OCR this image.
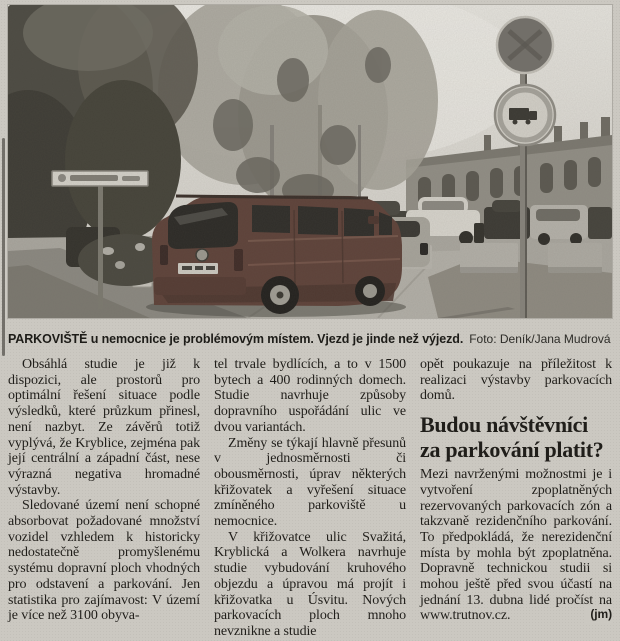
PARKOVIŠTĚ u nemocnice je problémovým místem. Vjezd je jinde než výjezd. Foto: Deník/Jana Mudrová

Obsáhlá studie je již k dispozici, ale prostorů pro optimální řešení situace podle výsledků, které průzkum přinesl, není nazbyt. Ze závěrů totiž vyplývá, že Kryblice, zejména pak její centrální a západní část, nese výrazná negativa hromadné výstavby.

Sledované území není schopné absorbovat požadované množství vozidel vzhledem k historicky nedostatečně promyšlenému systému dopravní ploch vhodných pro odstavení a parkování. Jen statistika pro zajímavost: V území je více než 3100 obyva-

tel trvale bydlících, a to v 1500 bytech a 400 rodinných domech. Studie navrhuje způsoby dopravního uspořádání ulic ve dvou variantách.

Změny se týkají hlavně přesunů v jednosměrnosti či obousměrnosti, úprav některých křižovatek a vyřešení situace zmíněného parkoviště u nemocnice.

V křižovatce ulic Svažitá, Kryblická a Wolkera navrhuje studie vybudování kruhového objezdu a úpravou má projít i křižovatka u Úsvitu. Nových parkovacích ploch mnoho nevznikne a studie

opět poukazuje na příležitost k realizaci výstavby parkovacích domů.

Budou návštěvníci za parkování platit?

Mezi navrženými možnostmi je i vytvoření zpoplatněných rezervovaných parkovacích zón a takzvaně rezidenčního parkování. To předpokládá, že nerezidenční místa by mohla být zpoplatněna. Dopravně technickou studii si mohou ještě před svou účastí na jednání 13. dubna lidé pročíst na www.trutnov.cz.	(jm)
